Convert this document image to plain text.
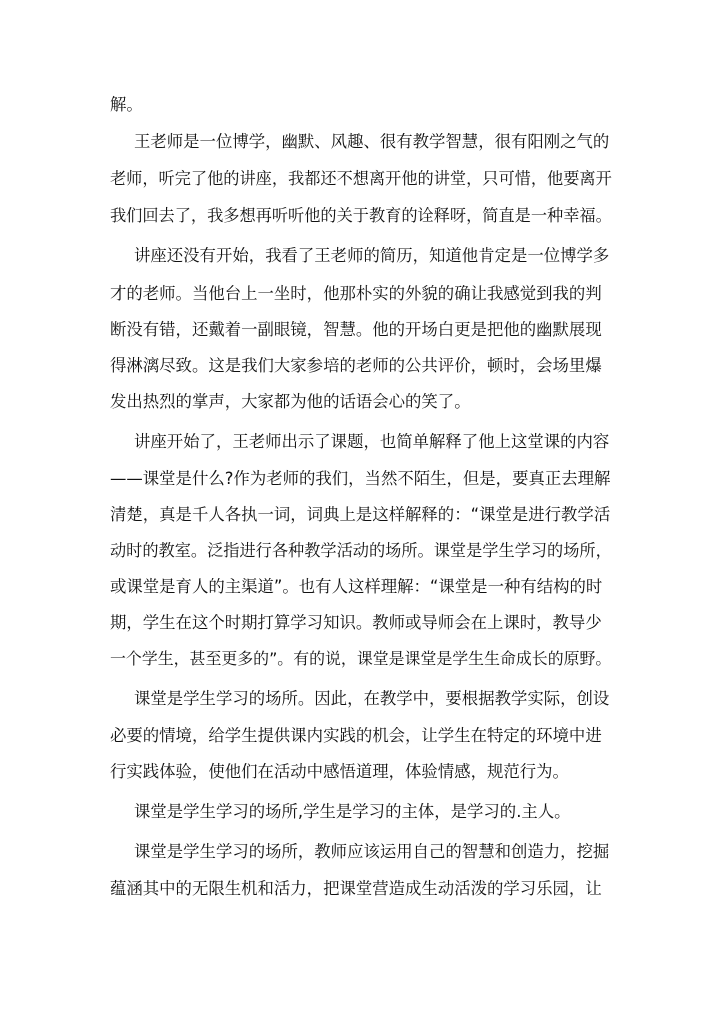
解。

王老师是一位博学，幽默、风趣、很有教学智慧，很有阳刚之气的

老师，听完了他的讲座，我都还不想离开他的讲堂，只可惜，他要离开

我们回去了，我多想再听听他的关于教育的诠释呀，简直是一种幸福。

讲座还没有开始，我看了王老师的简历，知道他肯定是一位博学多

才的老师。当他台上一坐时，他那朴实的外貌的确让我感觉到我的判

断没有错，还戴着一副眼镜，智慧。他的开场白更是把他的幽默展现

得淋漓尽致。这是我们大家参培的老师的公共评价，顿时，会场里爆

发出热烈的掌声，大家都为他的话语会心的笑了。

讲座开始了，王老师出示了课题，也简单解释了他上这堂课的内容

——课堂是什么?作为老师的我们，当然不陌生，但是，要真正去理解

清楚，真是千人各执一词，词典上是这样解释的：“课堂是进行教学活

动时的教室。泛指进行各种教学活动的场所。课堂是学生学习的场所，

或课堂是育人的主渠道”。也有人这样理解：“课堂是一种有结构的时

期，学生在这个时期打算学习知识。教师或导师会在上课时，教导少

一个学生，甚至更多的”。有的说，课堂是课堂是学生生命成长的原野。

课堂是学生学习的场所。因此，在教学中，要根据教学实际，创设

必要的情境，给学生提供课内实践的机会，让学生在特定的环境中进

行实践体验，使他们在活动中感悟道理，体验情感，规范行为。

课堂是学生学习的场所,学生是学习的主体，是学习的.主人。

课堂是学生学习的场所，教师应该运用自己的智慧和创造力，挖掘

蕴涵其中的无限生机和活力，把课堂营造成生动活泼的学习乐园，让
